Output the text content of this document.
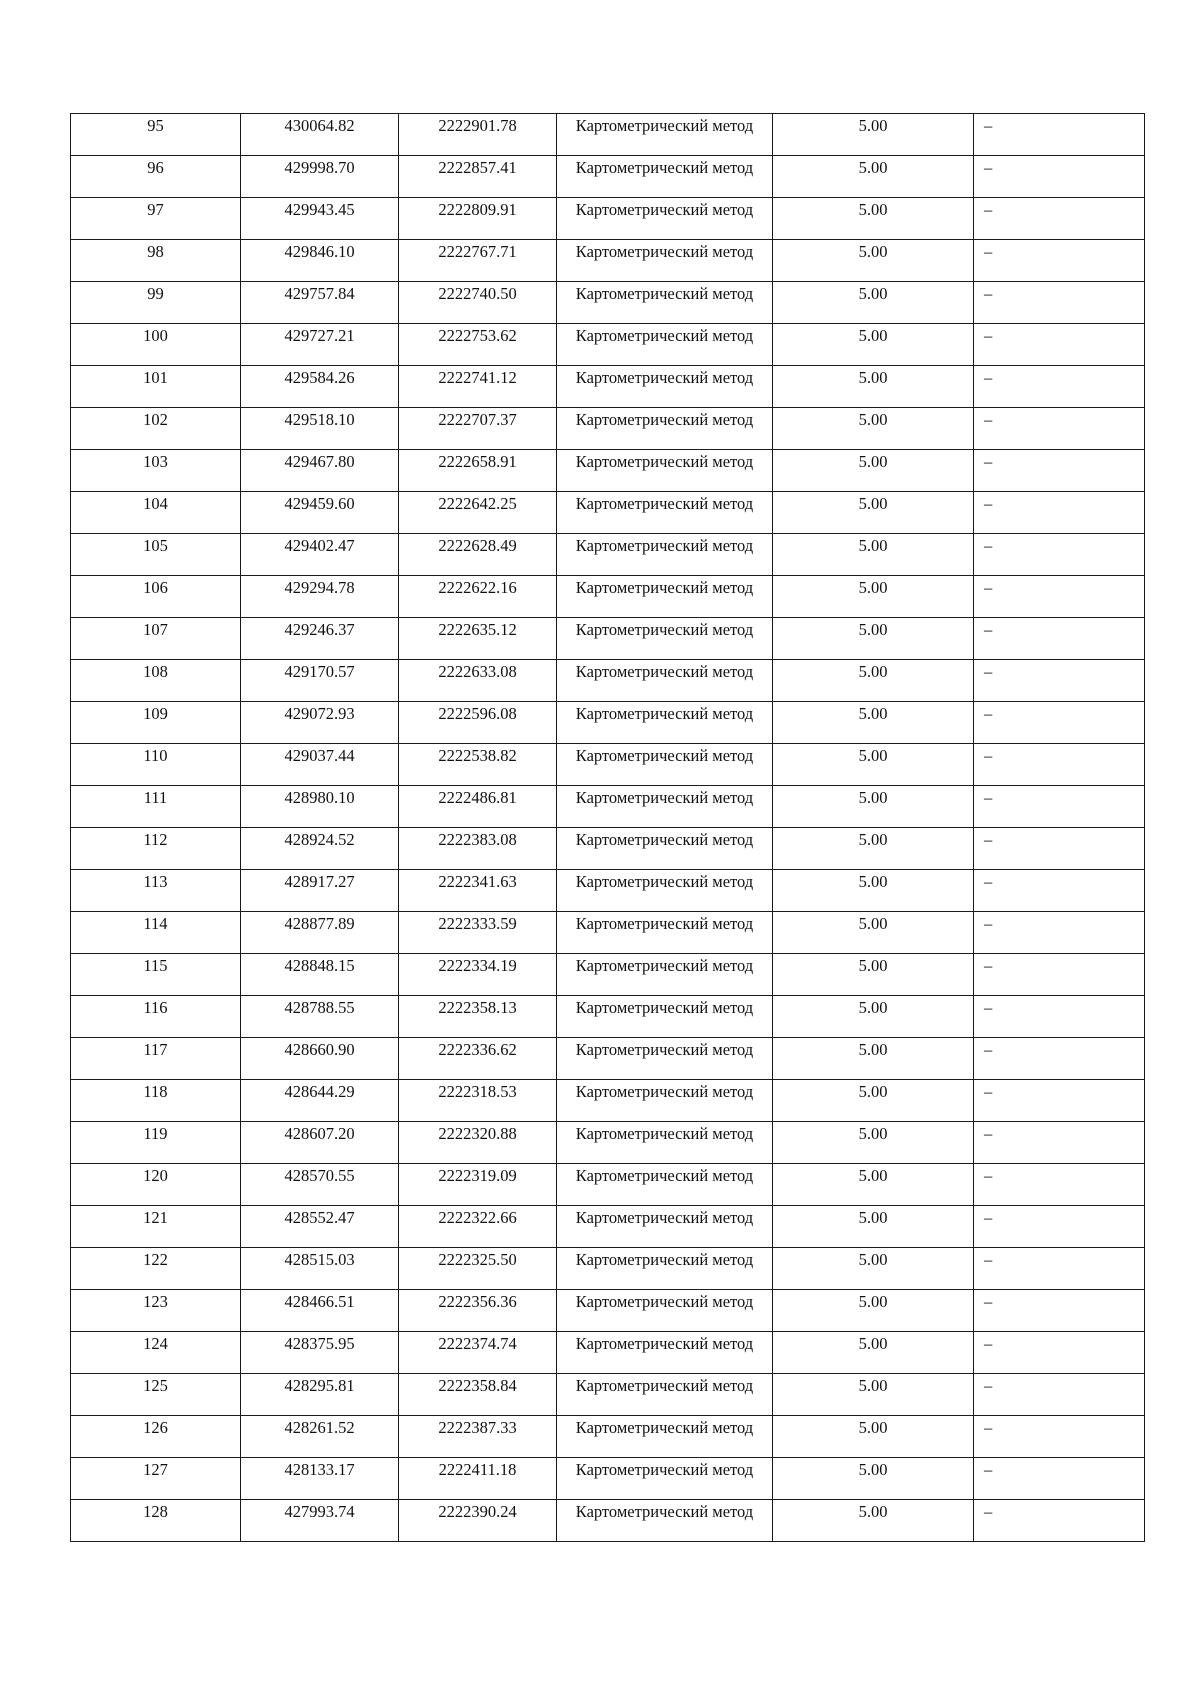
95	430064.82	2222901.78	Картометрический метод	5.00	–

96	429998.70	2222857.41	Картометрический метод	5.00	–

97	429943.45	2222809.91	Картометрический метод	5.00	–

98	429846.10	2222767.71	Картометрический метод	5.00	–

99	429757.84	2222740.50	Картометрический метод	5.00	–

100	429727.21	2222753.62	Картометрический метод	5.00	–

101	429584.26	2222741.12	Картометрический метод	5.00	–

102	429518.10	2222707.37	Картометрический метод	5.00	–

103	429467.80	2222658.91	Картометрический метод	5.00	–

104	429459.60	2222642.25	Картометрический метод	5.00	–

105	429402.47	2222628.49	Картометрический метод	5.00	–

106	429294.78	2222622.16	Картометрический метод	5.00	–

107	429246.37	2222635.12	Картометрический метод	5.00	–

108	429170.57	2222633.08	Картометрический метод	5.00	–

109	429072.93	2222596.08	Картометрический метод	5.00	–

110	429037.44	2222538.82	Картометрический метод	5.00	–

111	428980.10	2222486.81	Картометрический метод	5.00	–

112	428924.52	2222383.08	Картометрический метод	5.00	–

113	428917.27	2222341.63	Картометрический метод	5.00	–

114	428877.89	2222333.59	Картометрический метод	5.00	–

115	428848.15	2222334.19	Картометрический метод	5.00	–

116	428788.55	2222358.13	Картометрический метод	5.00	–

117	428660.90	2222336.62	Картометрический метод	5.00	–

118	428644.29	2222318.53	Картометрический метод	5.00	–

119	428607.20	2222320.88	Картометрический метод	5.00	–

120	428570.55	2222319.09	Картометрический метод	5.00	–

121	428552.47	2222322.66	Картометрический метод	5.00	–

122	428515.03	2222325.50	Картометрический метод	5.00	–

123	428466.51	2222356.36	Картометрический метод	5.00	–

124	428375.95	2222374.74	Картометрический метод	5.00	–

125	428295.81	2222358.84	Картометрический метод	5.00	–

126	428261.52	2222387.33	Картометрический метод	5.00	–

127	428133.17	2222411.18	Картометрический метод	5.00	–

128	427993.74	2222390.24	Картометрический метод	5.00	–
